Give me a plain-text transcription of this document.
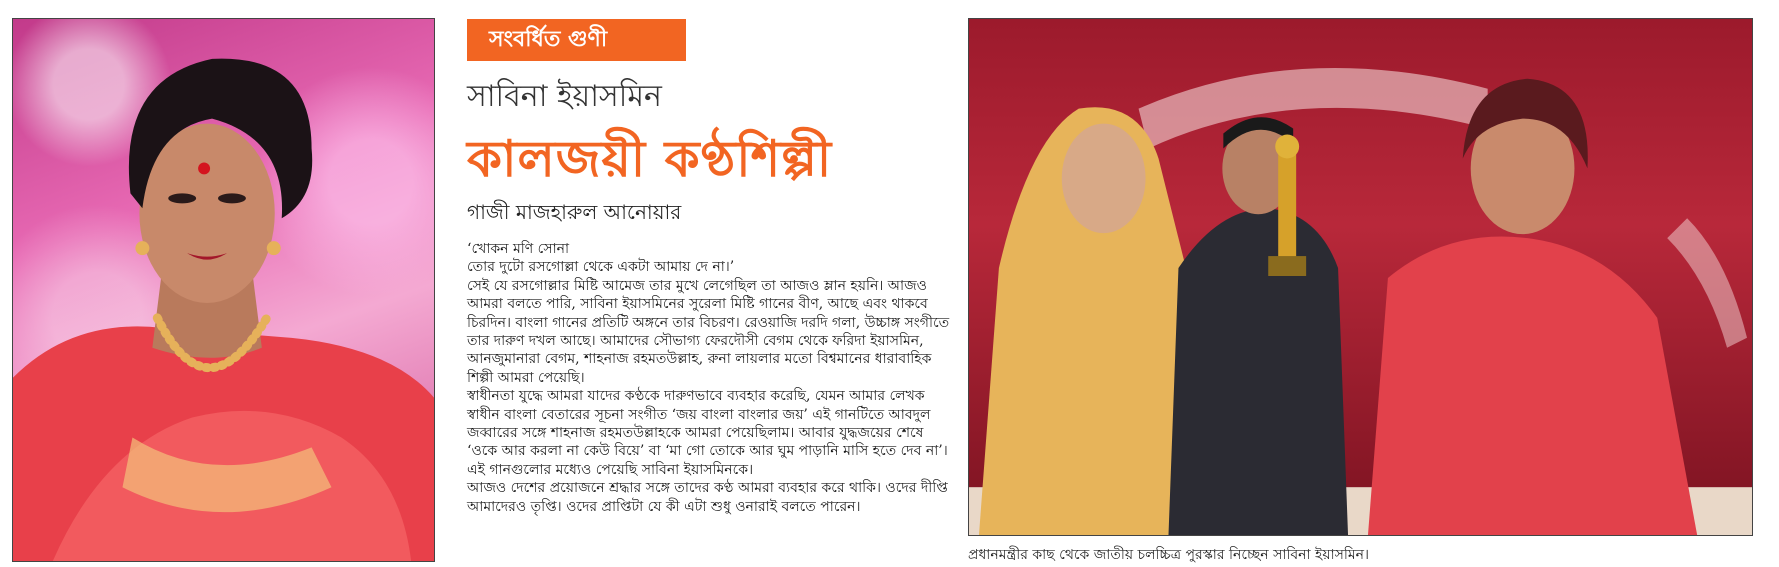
সংবর্ধিত গুণী
সাবিনা ইয়াসমিন
কালজয়ী কণ্ঠশিল্পী
গাজী মাজহারুল আনোয়ার

‘খোকন মণি সোনা

তোর দুটো রসগোল্লা থেকে একটা আমায় দে না।’

সেই যে রসগোল্লার মিষ্টি আমেজ তার মুখে লেগেছিল তা আজও ম্লান হয়নি। আজও আমরা বলতে পারি, সাবিনা ইয়াসমিনের সুরেলা মিষ্টি গানের বীণ, আছে এবং থাকবে চিরদিন। বাংলা গানের প্রতিটি অঙ্গনে তার বিচরণ। রেওয়াজি দরদি গলা, উচ্চাঙ্গ সংগীতে তার দারুণ দখল আছে। আমাদের সৌভাগ্য ফেরদৌসী বেগম থেকে ফরিদা ইয়াসমিন, আনজুমানারা বেগম, শাহনাজ রহমতউল্লাহ, রুনা লায়লার মতো বিশ্বমানের ধারাবাহিক শিল্পী আমরা পেয়েছি।

স্বাধীনতা যুদ্ধে আমরা যাদের কণ্ঠকে দারুণভাবে ব্যবহার করেছি, যেমন আমার লেখক স্বাধীন বাংলা বেতারের সূচনা সংগীত ‘জয় বাংলা বাংলার জয়’ এই গানটিতে আবদুল জব্বারের সঙ্গে শাহনাজ রহমতউল্লাহকে আমরা পেয়েছিলাম। আবার যুদ্ধজয়ের শেষে ‘ওকে আর করলা না কেউ বিয়ে’ বা ‘মা গো তোকে আর ঘুম পাড়ানি মাসি হতে দেব না’। এই গানগুলোর মধ্যেও পেয়েছি সাবিনা ইয়াসমিনকে।

আজও দেশের প্রয়োজনে শ্রদ্ধার সঙ্গে তাদের কণ্ঠ আমরা ব্যবহার করে থাকি। ওদের দীপ্তি আমাদেরও তৃপ্তি। ওদের প্রাপ্তিটা যে কী এটা শুধু ওনারাই বলতে পারেন।

প্রধানমন্ত্রীর কাছ থেকে জাতীয় চলচ্চিত্র পুরস্কার নিচ্ছেন সাবিনা ইয়াসমিন।
